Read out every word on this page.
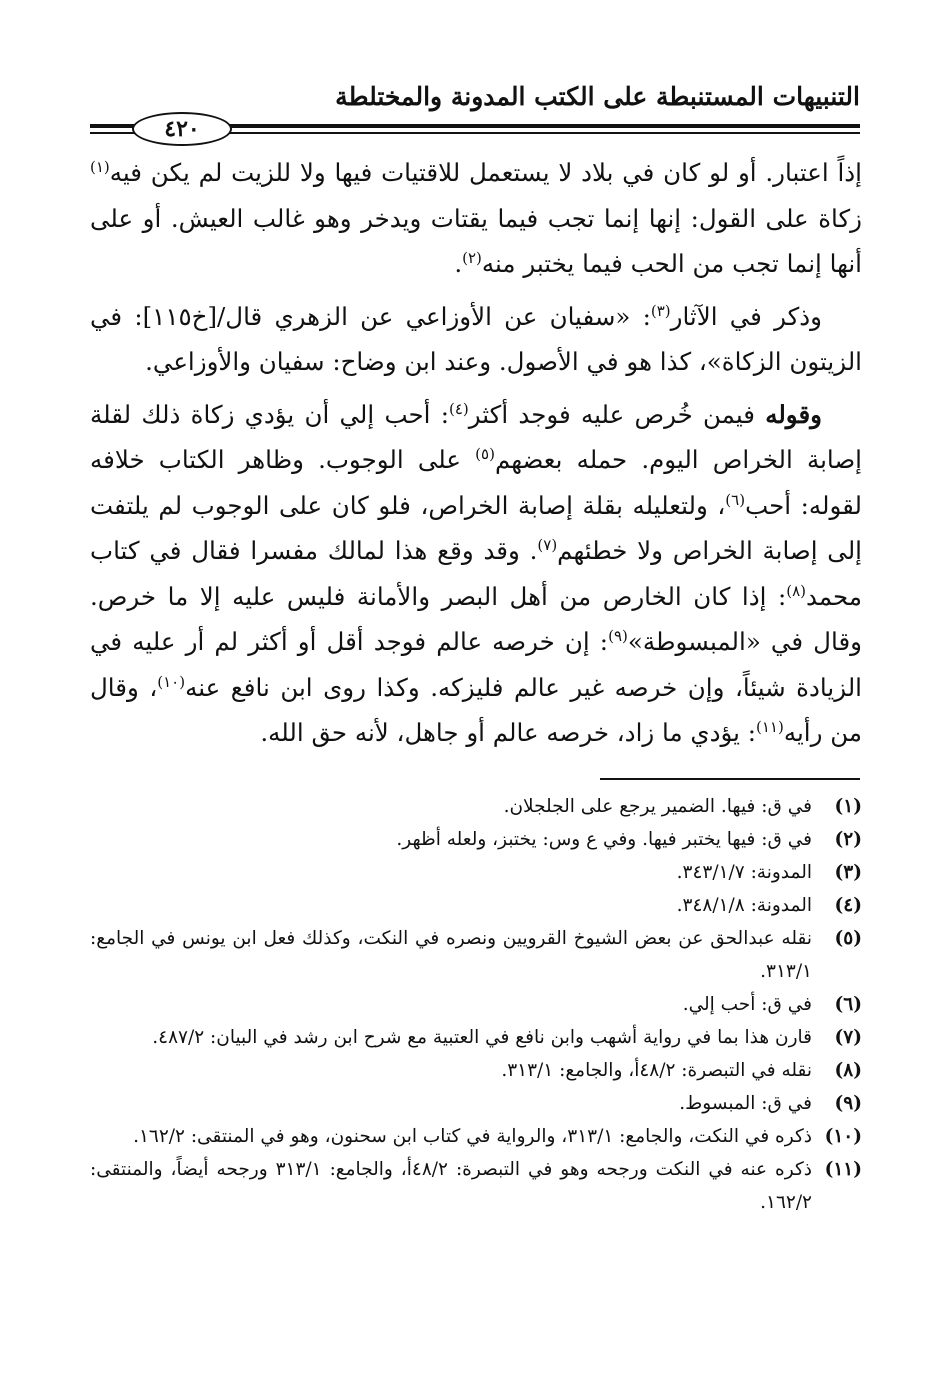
التنبيهات المستنبطة على الكتب المدونة والمختلطة
٤٢٠

إذاً اعتبار. أو لو كان في بلاد لا يستعمل للاقتيات فيها ولا للزيت لم يكن فيه$^{(١)}$ زكاة على القول: إنها إنما تجب فيما يقتات ويدخر وهو غالب العيش. أو على أنها إنما تجب من الحب فيما يختبر منه$^{(٢)}$.

وذكر في الآثار$^{(٣)}$: «سفيان عن الأوزاعي عن الزهري قال/[خ١١٥]: في الزيتون الزكاة»، كذا هو في الأصول. وعند ابن وضاح: سفيان والأوزاعي.

وقوله فيمن خُرص عليه فوجد أكثر$^{(٤)}$: أحب إلي أن يؤدي زكاة ذلك لقلة إصابة الخراص اليوم. حمله بعضهم$^{(٥)}$ على الوجوب. وظاهر الكتاب خلافه لقوله: أحب$^{(٦)}$، ولتعليله بقلة إصابة الخراص، فلو كان على الوجوب لم يلتفت إلى إصابة الخراص ولا خطئهم$^{(٧)}$. وقد وقع هذا لمالك مفسرا فقال في كتاب محمد$^{(٨)}$: إذا كان الخارص من أهل البصر والأمانة فليس عليه إلا ما خرص. وقال في «المبسوطة»$^{(٩)}$: إن خرصه عالم فوجد أقل أو أكثر لم أر عليه في الزيادة شيئاً، وإن خرصه غير عالم فليزكه. وكذا روى ابن نافع عنه$^{(١٠)}$، وقال من رأيه$^{(١١)}$: يؤدي ما زاد، خرصه عالم أو جاهل، لأنه حق الله.

(١)
في ق: فيها. الضمير يرجع على الجلجلان.
(٢)
في ق: فيها يختبر فيها. وفي ع وس: يختبز، ولعله أظهر.
(٣)
المدونة: ٣٤٣/١/٧.
(٤)
المدونة: ٣٤٨/١/٨.
(٥)
نقله عبدالحق عن بعض الشيوخ القرويين ونصره في النكت، وكذلك فعل ابن يونس في الجامع: ٣١٣/١.
(٦)
في ق: أحب إلي.
(٧)
قارن هذا بما في رواية أشهب وابن نافع في العتبية مع شرح ابن رشد في البيان: ٤٨٧/٢.
(٨)
نقله في التبصرة: ٤٨/٢أ، والجامع: ٣١٣/١.
(٩)
في ق: المبسوط.
(١٠)
ذكره في النكت، والجامع: ٣١٣/١، والرواية في كتاب ابن سحنون، وهو في المنتقى: ١٦٢/٢.
(١١)
ذكره عنه في النكت ورجحه وهو في التبصرة: ٤٨/٢أ، والجامع: ٣١٣/١ ورجحه أيضاً، والمنتقى: ١٦٢/٢.
